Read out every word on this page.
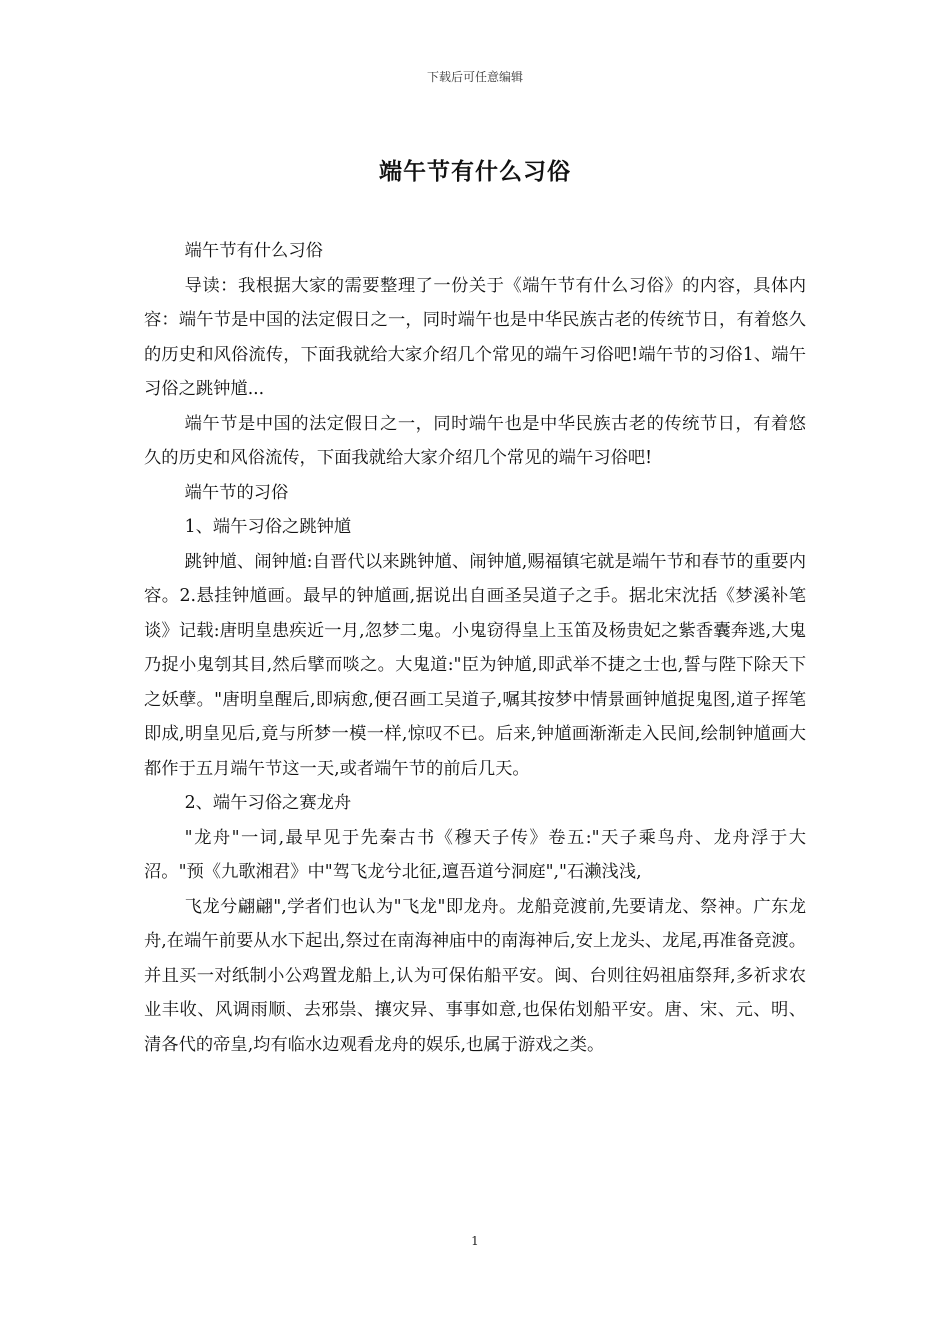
下载后可任意编辑
端午节有什么习俗

端午节有什么习俗

导读：我根据大家的需要整理了一份关于《端午节有什么习俗》的内容，具体内容：端午节是中国的法定假日之一，同时端午也是中华民族古老的传统节日，有着悠久的历史和风俗流传，下面我就给大家介绍几个常见的端午习俗吧!端午节的习俗1、端午习俗之跳钟馗...

端午节是中国的法定假日之一，同时端午也是中华民族古老的传统节日，有着悠久的历史和风俗流传，下面我就给大家介绍几个常见的端午习俗吧!

端午节的习俗

1、端午习俗之跳钟馗

跳钟馗、闹钟馗:自晋代以来跳钟馗、闹钟馗,赐福镇宅就是端午节和春节的重要内容。2.悬挂钟馗画。最早的钟馗画,据说出自画圣吴道子之手。据北宋沈括《梦溪补笔谈》记载:唐明皇患疾近一月,忽梦二鬼。小鬼窃得皇上玉笛及杨贵妃之紫香囊奔逃,大鬼乃捉小鬼刳其目,然后擘而啖之。大鬼道:"臣为钟馗,即武举不捷之士也,誓与陛下除天下之妖孽。"唐明皇醒后,即病愈,便召画工吴道子,嘱其按梦中情景画钟馗捉鬼图,道子挥笔即成,明皇见后,竟与所梦一模一样,惊叹不已。后来,钟馗画渐渐走入民间,绘制钟馗画大都作于五月端午节这一天,或者端午节的前后几天。

2、端午习俗之赛龙舟

"龙舟"一词,最早见于先秦古书《穆天子传》卷五:"天子乘鸟舟、龙舟浮于大沼。"预《九歌湘君》中"驾飞龙兮北征,邅吾道兮洞庭","石濑浅浅,

飞龙兮翩翩",学者们也认为"飞龙"即龙舟。龙船竞渡前,先要请龙、祭神。广东龙舟,在端午前要从水下起出,祭过在南海神庙中的南海神后,安上龙头、龙尾,再准备竞渡。并且买一对纸制小公鸡置龙船上,认为可保佑船平安。闽、台则往妈祖庙祭拜,多祈求农业丰收、风调雨顺、去邪祟、攘灾异、事事如意,也保佑划船平安。唐、宋、元、明、清各代的帝皇,均有临水边观看龙舟的娱乐,也属于游戏之类。

1
